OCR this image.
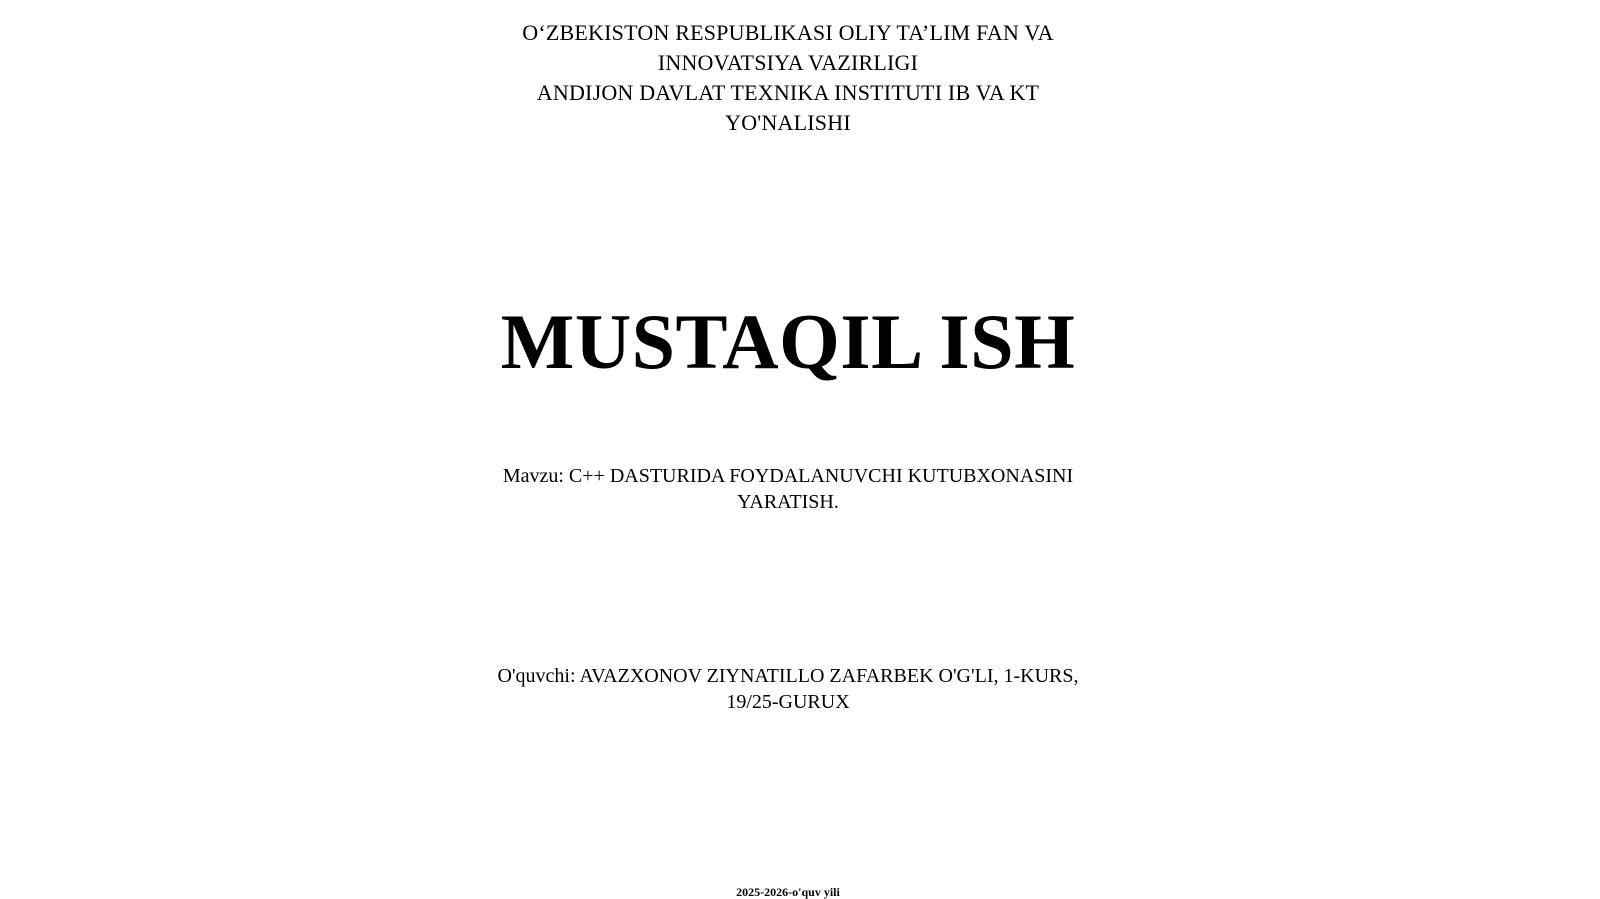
O‘ZBEKISTON RESPUBLIKASI OLIY TA’LIM FAN VA
INNOVATSIYA VAZIRLIGI
ANDIJON DAVLAT TEXNIKA INSTITUTI IB VA KT
YO'NALISHI
MUSTAQIL ISH
Mavzu: C++ DASTURIDA FOYDALANUVCHI KUTUBXONASINI
YARATISH.
O'quvchi: AVAZXONOV ZIYNATILLO ZAFARBEK O'G'LI, 1-KURS,
19/25-GURUX
2025-2026-o'quv yili
